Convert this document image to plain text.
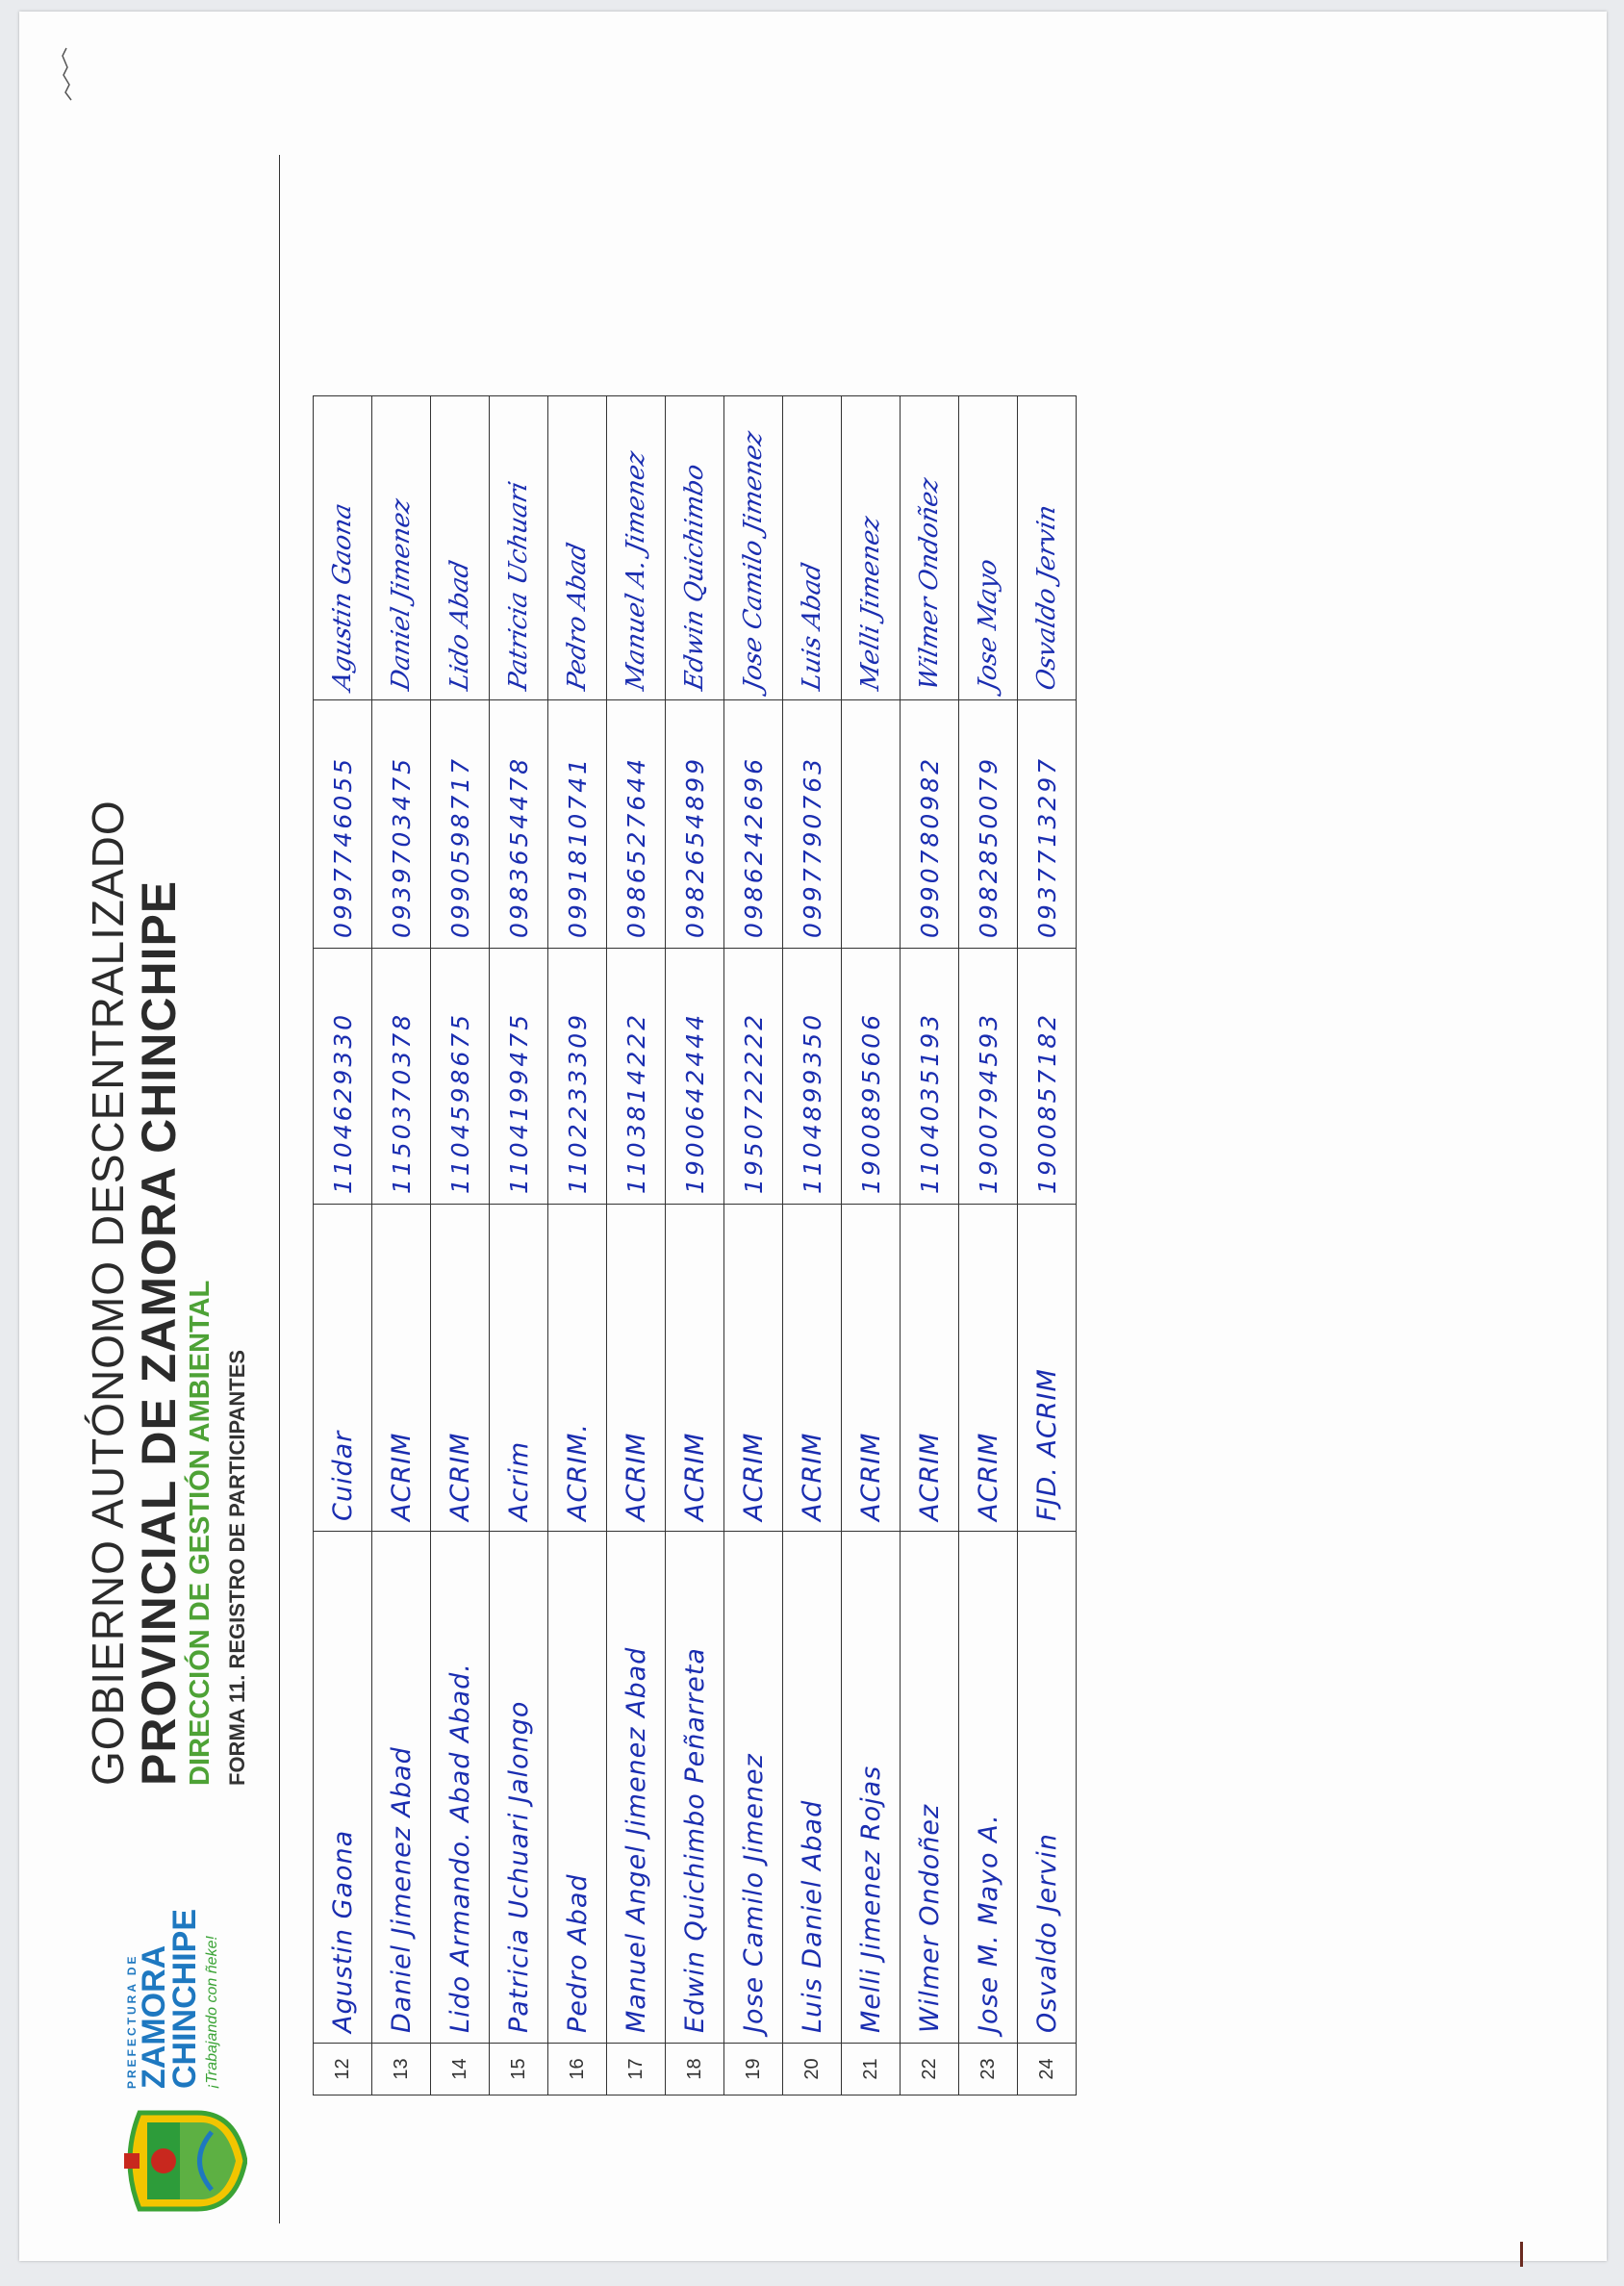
PREFECTURA DE
ZAMORA
CHINCHIPE ¡Trabajando con ñeke!
GOBIERNO AUTÓNOMO DESCENTRALIZADO PROVINCIAL DE ZAMORA CHINCHIPE DIRECCIÓN DE GESTIÓN AMBIENTAL FORMA 11. REGISTRO DE PARTICIPANTES
12	Agustin Gaona	Cuidar	1104629330	0997746055	Agustin Gaona
13	Daniel Jimenez Abad	ACRIM	1150370378	0939703475	Daniel Jimenez
14	Lido Armando. Abad Abad.	ACRIM	1104598675	0990598717	Lido Abad
15	Patricia Uchuari Jalongo	Acrim	1104199475	0983654478	Patricia Uchuari
16	Pedro Abad	ACRIM.	1102233309	0991810741	Pedro Abad
17	Manuel Angel Jimenez Abad	ACRIM	1103814222	0986527644	Manuel A. Jimenez
18	Edwin Quichimbo Peñarreta	ACRIM	1900642444	0982654899	Edwin Quichimbo
19	Jose Camilo Jimenez	ACRIM	1950722222	0986242696	Jose Camilo Jimenez
20	Luis Daniel Abad	ACRIM	1104899350	0997790763	Luis Abad
21	Melli Jimenez Rojas	ACRIM	1900895606		Melli Jimenez
22	Wilmer Ondoñez	ACRIM	1104035193	0990780982	Wilmer Ondoñez
23	Jose M. Mayo A.	ACRIM	1900794593	0982850079	Jose Mayo
24	Osvaldo Jervin	FJD. ACRIM	1900857182	0937713297	Osvaldo Jervin
